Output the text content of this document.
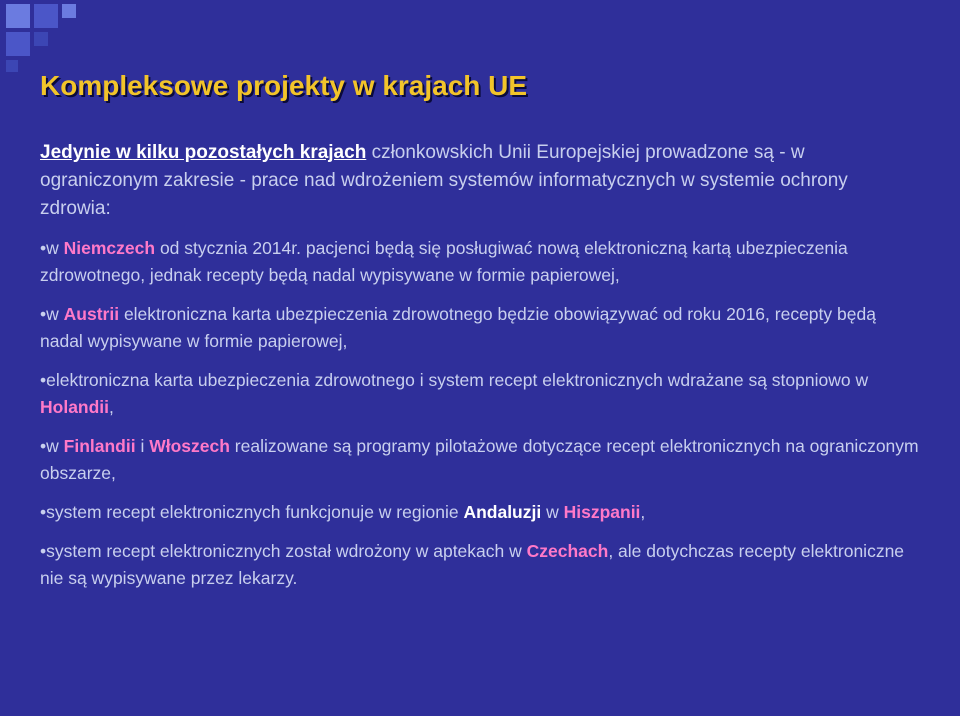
Kompleksowe projekty w krajach UE

Jedynie w kilku pozostałych krajach członkowskich Unii Europejskiej prowadzone są - w ograniczonym zakresie - prace nad wdrożeniem systemów informatycznych w systemie ochrony zdrowia:

•w Niemczech od stycznia 2014r. pacjenci będą się posługiwać nową elektroniczną kartą ubezpieczenia zdrowotnego, jednak recepty będą nadal wypisywane w formie papierowej,

•w Austrii elektroniczna karta ubezpieczenia zdrowotnego będzie obowiązywać od roku 2016, recepty będą nadal wypisywane w formie papierowej,

•elektroniczna karta ubezpieczenia zdrowotnego i system recept elektronicznych wdrażane są stopniowo w Holandii,

•w Finlandii i Włoszech realizowane są programy pilotażowe dotyczące recept elektronicznych na ograniczonym obszarze,

•system recept elektronicznych funkcjonuje w regionie Andaluzji w Hiszpanii,

•system recept elektronicznych został wdrożony w aptekach w Czechach, ale dotychczas recepty elektroniczne nie są wypisywane przez lekarzy.
